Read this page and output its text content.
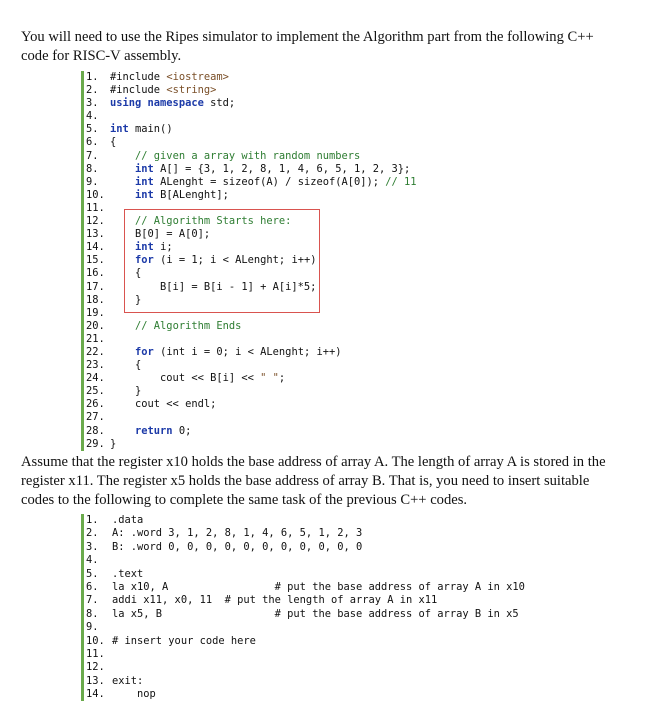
You will need to use the Ripes simulator to implement the Algorithm part from the following C++ code for RISC-V assembly.

1. #include <iostream>
2. #include <string>
3. using namespace std;
4.
5. int main()
6. {
7.	// given a array with random numbers
8.	int A[] = {3, 1, 2, 8, 1, 4, 6, 5, 1, 2, 3};
9.	int ALenght = sizeof(A) / sizeof(A[0]); // 11
10.	int B[ALenght];
11.
12.	// Algorithm Starts here:
13. B[0] = A[0];
14.	int i;
15.	for (i = 1; i < ALenght; i++)
16. {
17. B[i] = B[i - 1] + A[i]*5;
18. }
19.
20.	// Algorithm Ends
21.
22.	for (int i = 0; i < ALenght; i++)
23. {
24. cout << B[i] << " ";
25. }
26. cout << endl;
27.
28.	return 0;
29. }

Assume that the register x10 holds the base address of array A. The length of array A is stored in the register x11. The register x5 holds the base address of array B. That is, you need to insert suitable codes to the following to complete the same task of the previous C++ codes.

1. .data
2. A: .word 3, 1, 2, 8, 1, 4, 6, 5, 1, 2, 3
3. B: .word 0, 0, 0, 0, 0, 0, 0, 0, 0, 0, 0
4.
5. .text
6. la x10, A                 # put the base address of array A in x10
7. addi x11, x0, 11  # put the length of array A in x11
8. la x5, B                  # put the base address of array B in x5
9.
10. # insert your code here
11.
12.
13. exit:
14. nop
